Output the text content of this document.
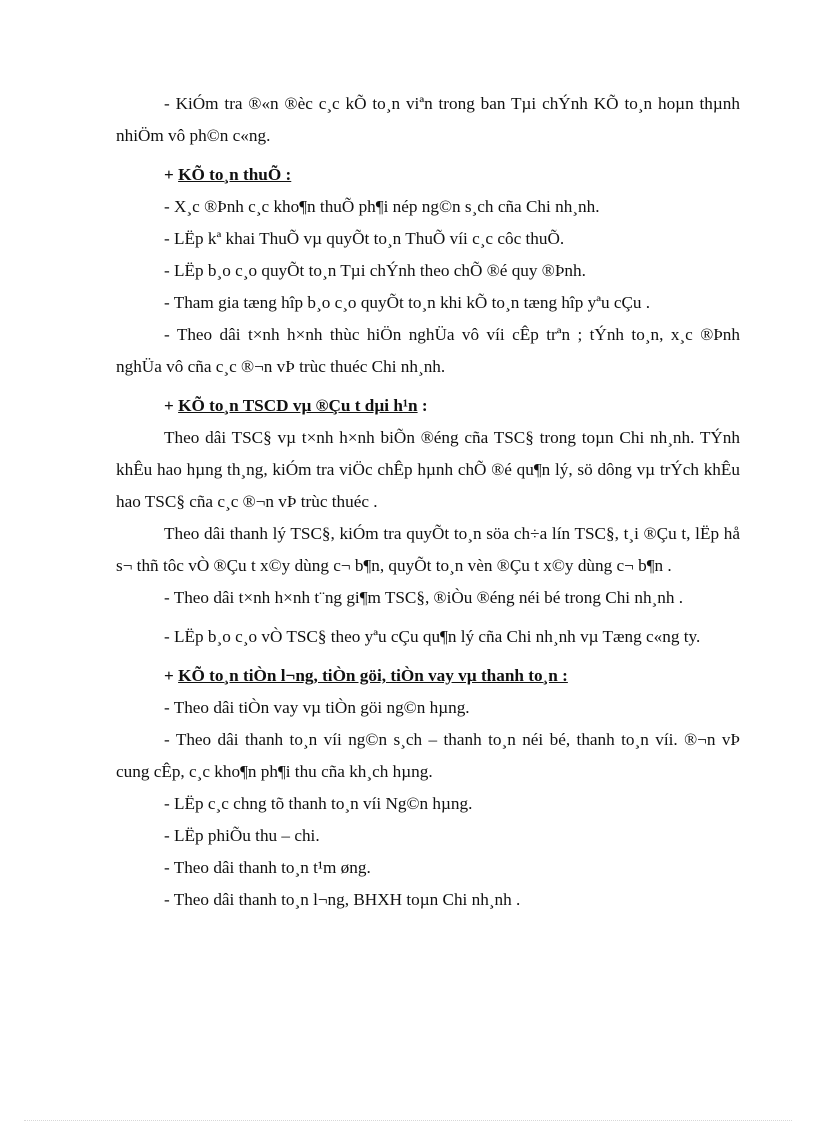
- KiÓm tra ®«n ®èc c¸c kÕ to¸n viªn trong ban Tµi chÝnh KÕ to¸n hoµn thµnh nhiÖm vô ph©n c«ng.

+ KÕ to¸n thuÕ :

- X¸c ®Þnh c¸c kho¶n thuÕ ph¶i nép ng©n s¸ch cña Chi nh¸nh.

- LËp kª khai ThuÕ vµ quyÕt to¸n ThuÕ víi c¸c côc thuÕ.

- LËp b¸o c¸o quyÕt to¸n Tµi chÝnh theo chÕ ®é quy ®Þnh.

- Tham gia tæng hîp b¸o c¸o quyÕt to¸n khi kÕ to¸n tæng hîp yªu cÇu .

- Theo dâi t×nh h×nh thùc hiÖn nghÜa vô víi cÊp trªn ; tÝnh to¸n, x¸c ®Þnh nghÜa vô cña c¸c ®¬n vÞ trùc thuéc Chi nh¸nh.

+ KÕ to¸n TSCD vµ ®Çu t dµi h¹n :

Theo dâi TSC§ vµ t×nh h×nh biÕn ®éng cña TSC§ trong toµn Chi nh¸nh. TÝnh khÊu hao hµng th¸ng, kiÓm tra viÖc chÊp hµnh chÕ ®é qu¶n lý, sö dông vµ trÝch khÊu hao TSC§ cña c¸c ®¬n vÞ trùc thuéc .

Theo dâi thanh lý TSC§, kiÓm tra quyÕt to¸n söa ch÷a lín TSC§, t¸i ®Çu t, lËp hå s¬ thñ tôc vÒ ®Çu t x©y dùng c¬ b¶n, quyÕt to¸n vèn ®Çu t x©y dùng c¬ b¶n .

- Theo dâi t×nh h×nh t¨ng gi¶m TSC§, ®iÒu ®éng néi bé trong Chi nh¸nh .

- LËp b¸o c¸o vÒ TSC§ theo yªu cÇu qu¶n lý cña Chi nh¸nh vµ Tæng c«ng ty.

+ KÕ to¸n tiÒn l¬ng, tiÒn göi, tiÒn vay vµ thanh to¸n :

- Theo dâi tiÒn vay vµ tiÒn göi ng©n hµng.

- Theo dâi thanh to¸n víi ng©n s¸ch – thanh to¸n néi bé, thanh to¸n víi. ®¬n vÞ cung cÊp, c¸c kho¶n ph¶i thu cña kh¸ch hµng.

- LËp c¸c chng tõ thanh to¸n víi Ng©n hµng.

- LËp phiÕu thu – chi.

- Theo dâi thanh to¸n t¹m øng.

- Theo dâi thanh to¸n l¬ng, BHXH toµn Chi nh¸nh .
